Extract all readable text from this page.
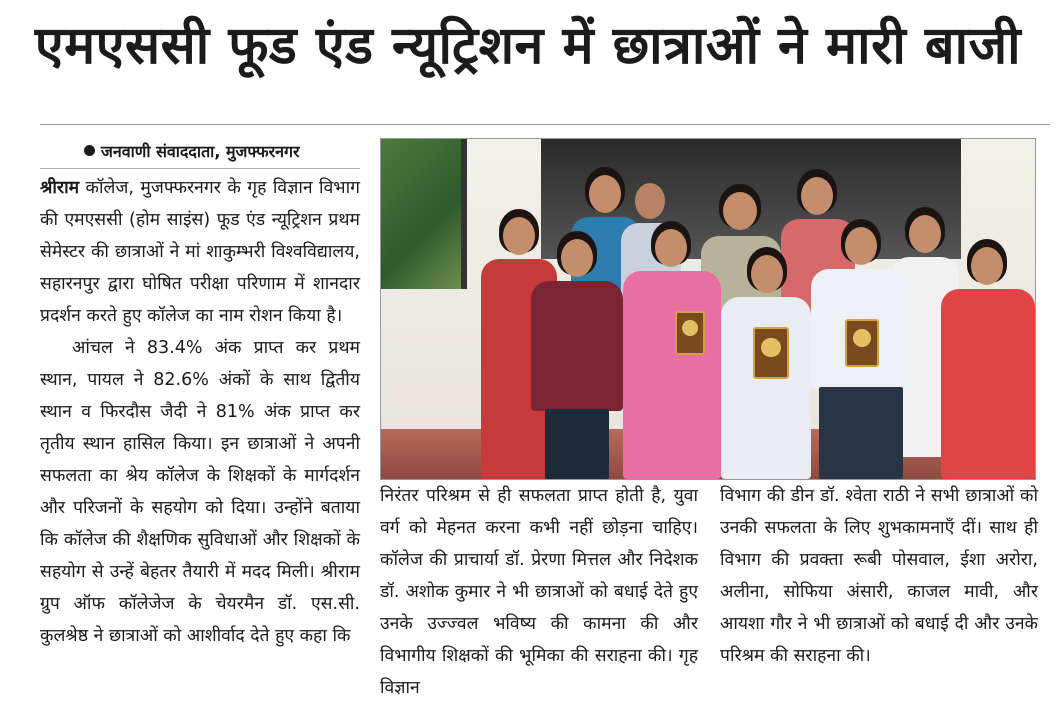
एमएससी फूड एंड न्यूट्रिशन में छात्राओं ने मारी बाजी
जनवाणी संवाददाता, मुजफ्फरनगर

श्रीराम कॉलेज, मुजफ्फरनगर के गृह विज्ञान विभाग की एमएससी (होम साइंस) फूड एंड न्यूट्रिशन प्रथम सेमेस्टर की छात्राओं ने मां शाकुम्भरी विश्वविद्यालय, सहारनपुर द्वारा घोषित परीक्षा परिणाम में शानदार प्रदर्शन करते हुए कॉलेज का नाम रोशन किया है।

आंचल ने 83.4% अंक प्राप्त कर प्रथम स्थान, पायल ने 82.6% अंकों के साथ द्वितीय स्थान व फिरदौस जैदी ने 81% अंक प्राप्त कर तृतीय स्थान हासिल किया। इन छात्राओं ने अपनी सफलता का श्रेय कॉलेज के शिक्षकों के मार्गदर्शन और परिजनों के सहयोग को दिया। उन्होंने बताया कि कॉलेज की शैक्षणिक सुविधाओं और शिक्षकों के सहयोग से उन्हें बेहतर तैयारी में मदद मिली। श्रीराम ग्रुप ऑफ कॉलेजेज के चेयरमैन डॉ. एस.सी. कुलश्रेष्ठ ने छात्राओं को आशीर्वाद देते हुए कहा कि

निरंतर परिश्रम से ही सफलता प्राप्त होती है, युवा वर्ग को मेहनत करना कभी नहीं छोड़ना चाहिए। कॉलेज की प्राचार्या डॉ. प्रेरणा मित्तल और निदेशक डॉ. अशोक कुमार ने भी छात्राओं को बधाई देते हुए उनके उज्ज्वल भविष्य की कामना की और विभागीय शिक्षकों की भूमिका की सराहना की। गृह विज्ञान

विभाग की डीन डॉ. श्वेता राठी ने सभी छात्राओं को उनकी सफलता के लिए शुभकामनाएँ दीं। साथ ही विभाग की प्रवक्ता रूबी पोसवाल, ईशा अरोरा, अलीना, सोफिया अंसारी, काजल मावी, और आयशा गौर ने भी छात्राओं को बधाई दी और उनके परिश्रम की सराहना की।
